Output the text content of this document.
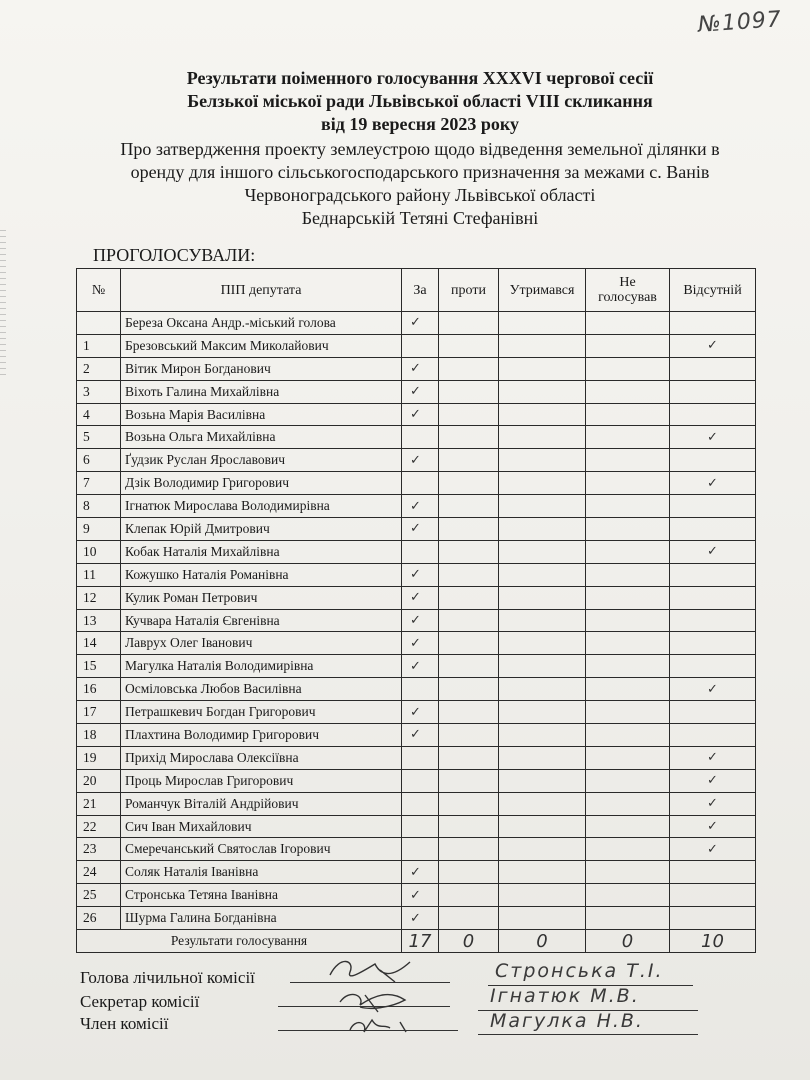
№1097
Результати поіменного голосування XXXVI чергової сесії
Белзької міської ради Львівської області VIII скликання
від 19 вересня 2023 року
Про затвердження проекту землеустрою щодо відведення земельної ділянки в
оренду для іншого сільськогосподарського призначення за межами с. Ванів
Червоноградського району Львівської області
Беднарській Тетяні Стефанівні
ПРОГОЛОСУВАЛИ:
№	ПІП депутата	За	проти	Утримався	Не
голосував	Відсутній
	Береза Оксана Андр.-міський голова	✓				
1	Брезовський Максим Миколайович					✓
2	Вітик Мирон Богданович	✓				
3	Віхоть Галина Михайлівна	✓				
4	Возьна Марія Василівна	✓				
5	Возьна Ольга Михайлівна					✓
6	Ґудзик Руслан Ярославович	✓				
7	Дзік Володимир Григорович					✓
8	Ігнатюк Мирослава Володимирівна	✓				
9	Клепак Юрій Дмитрович	✓				
10	Кобак Наталія Михайлівна					✓
11	Кожушко Наталія Романівна	✓				
12	Кулик Роман Петрович	✓				
13	Кучвара Наталія Євгенівна	✓				
14	Лаврух Олег Іванович	✓				
15	Магулка Наталія Володимирівна	✓				
16	Осміловська Любов Василівна					✓
17	Петрашкевич Богдан Григорович	✓				
18	Плахтина Володимир Григорович	✓				
19	Прихід Мирослава Олексіївна					✓
20	Проць Мирослав Григорович					✓
21	Романчук Віталій Андрійович					✓
22	Сич Іван Михайлович					✓
23	Смеречанський Святослав Ігорович					✓
24	Соляк Наталія Іванівна	✓				
25	Стронська Тетяна Іванівна	✓				
26	Шурма Галина Богданівна	✓				
Результати голосування		17	0	0	0	10
Голова лічильної комісії
Секретар комісії
Член комісії
Стронська Т.І.
Ігнатюк М.В.
Магулка Н.В.
